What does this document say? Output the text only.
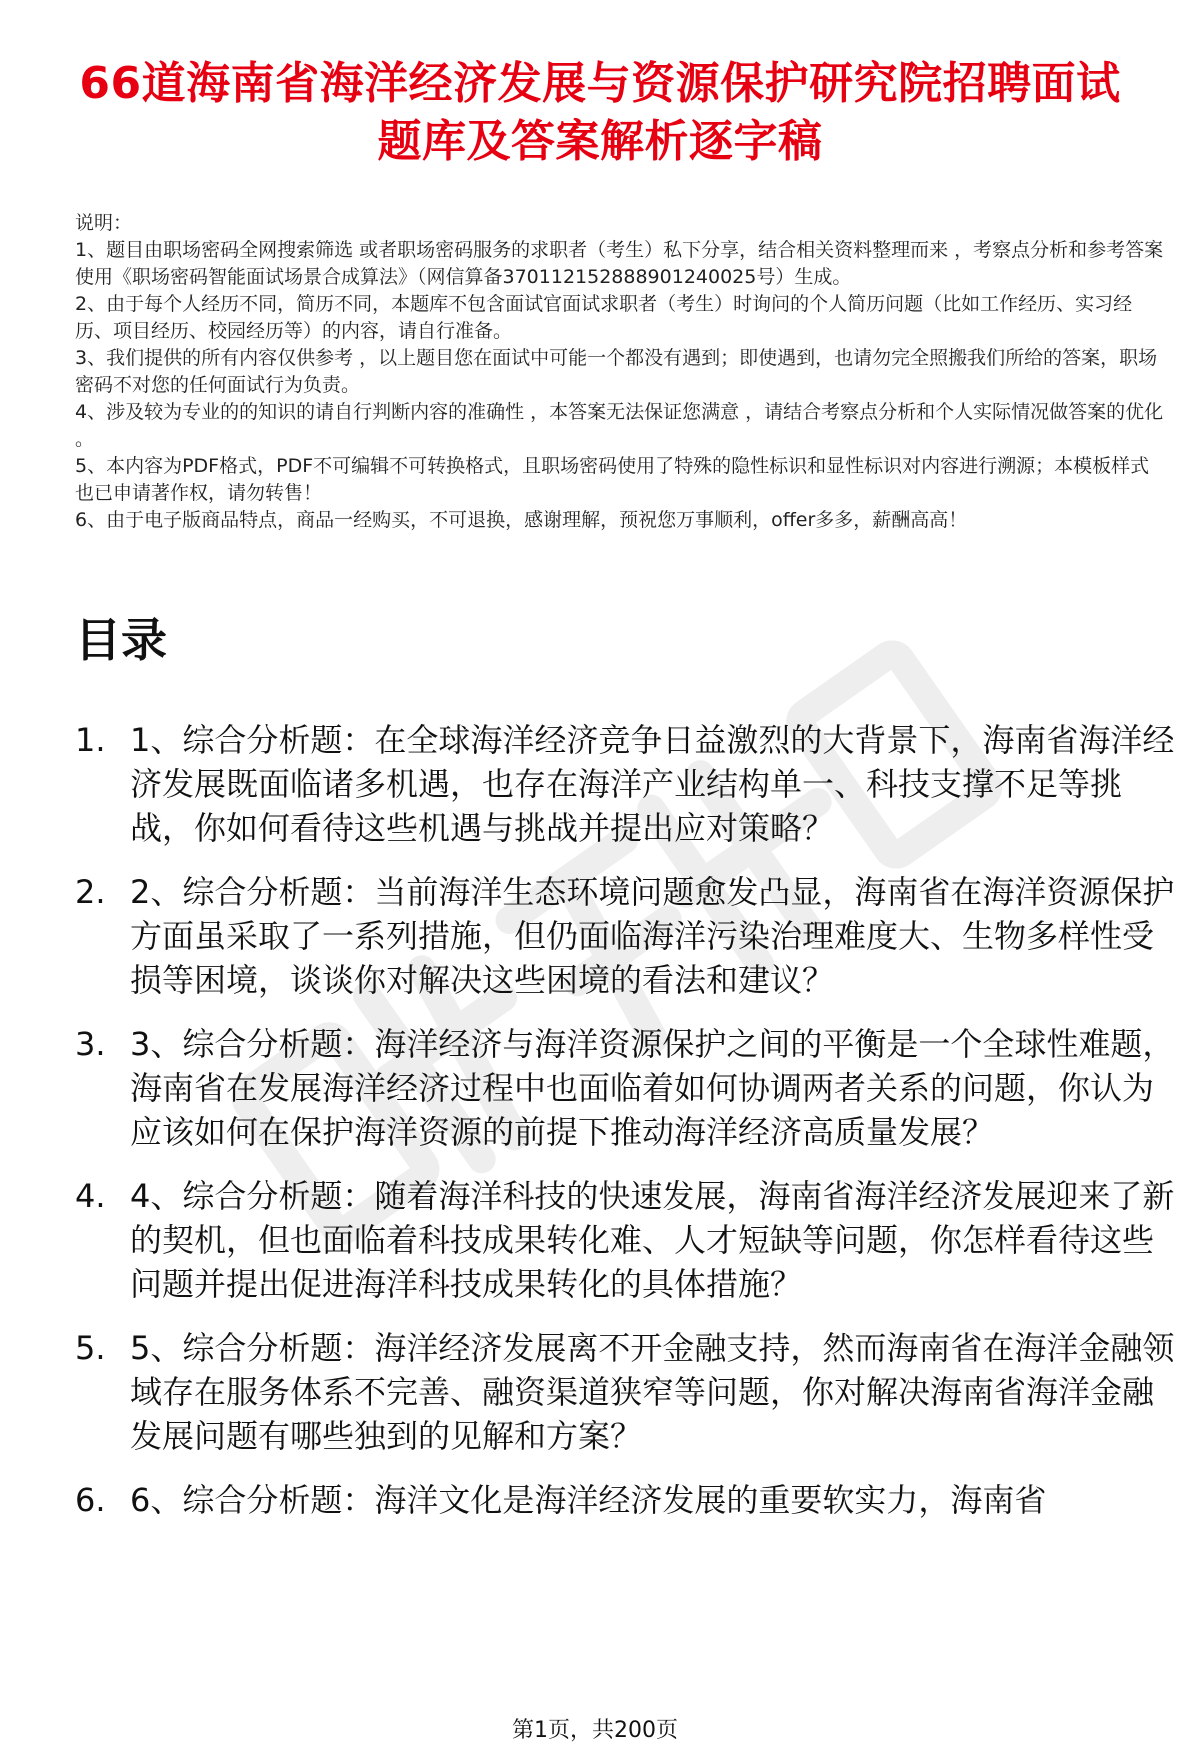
66道海南省海洋经济发展与资源保护研究院招聘面试题库及答案解析逐字稿

说明：

1、题目由职场密码全网搜索筛选 或者职场密码服务的求职者（考生）私下分享，结合相关资料整理而来 ，考察点分析和参考答案使用《职场密码智能面试场景合成算法》（网信算备370112152888901240025号）生成。

2、由于每个人经历不同，简历不同，本题库不包含面试官面试求职者（考生）时询问的个人简历问题（比如工作经历、实习经历、项目经历、校园经历等）的内容，请自行准备。

3、我们提供的所有内容仅供参考 ，以上题目您在面试中可能一个都没有遇到；即使遇到，也请勿完全照搬我们所给的答案，职场密码不对您的任何面试行为负责。

4、涉及较为专业的的知识的请自行判断内容的准确性 ，本答案无法保证您满意 ，请结合考察点分析和个人实际情况做答案的优化 。

5、本内容为PDF格式，PDF不可编辑不可转换格式，且职场密码使用了特殊的隐性标识和显性标识对内容进行溯源；本模板样式也已申请著作权，请勿转售！

6、由于电子版商品特点，商品一经购买，不可退换，感谢理解，预祝您万事顺利，offer多多，薪酬高高！

目录
1. 1、综合分析题：在全球海洋经济竞争日益激烈的大背景下，海南省海洋经济发展既面临诸多机遇，也存在海洋产业结构单一、科技支撑不足等挑战，你如何看待这些机遇与挑战并提出应对策略？
2. 2、综合分析题：当前海洋生态环境问题愈发凸显，海南省在海洋资源保护方面虽采取了一系列措施，但仍面临海洋污染治理难度大、生物多样性受损等困境，谈谈你对解决这些困境的看法和建议？
3. 3、综合分析题：海洋经济与海洋资源保护之间的平衡是一个全球性难题，海南省在发展海洋经济过程中也面临着如何协调两者关系的问题，你认为应该如何在保护海洋资源的前提下推动海洋经济高质量发展？
4. 4、综合分析题：随着海洋科技的快速发展，海南省海洋经济发展迎来了新的契机，但也面临着科技成果转化难、人才短缺等问题，你怎样看待这些问题并提出促进海洋科技成果转化的具体措施？
5. 5、综合分析题：海洋经济发展离不开金融支持，然而海南省在海洋金融领域存在服务体系不完善、融资渠道狭窄等问题，你对解决海南省海洋金融发展问题有哪些独到的见解和方案？
6. 6、综合分析题：海洋文化是海洋经济发展的重要软实力，海南省
第1页，共200页
